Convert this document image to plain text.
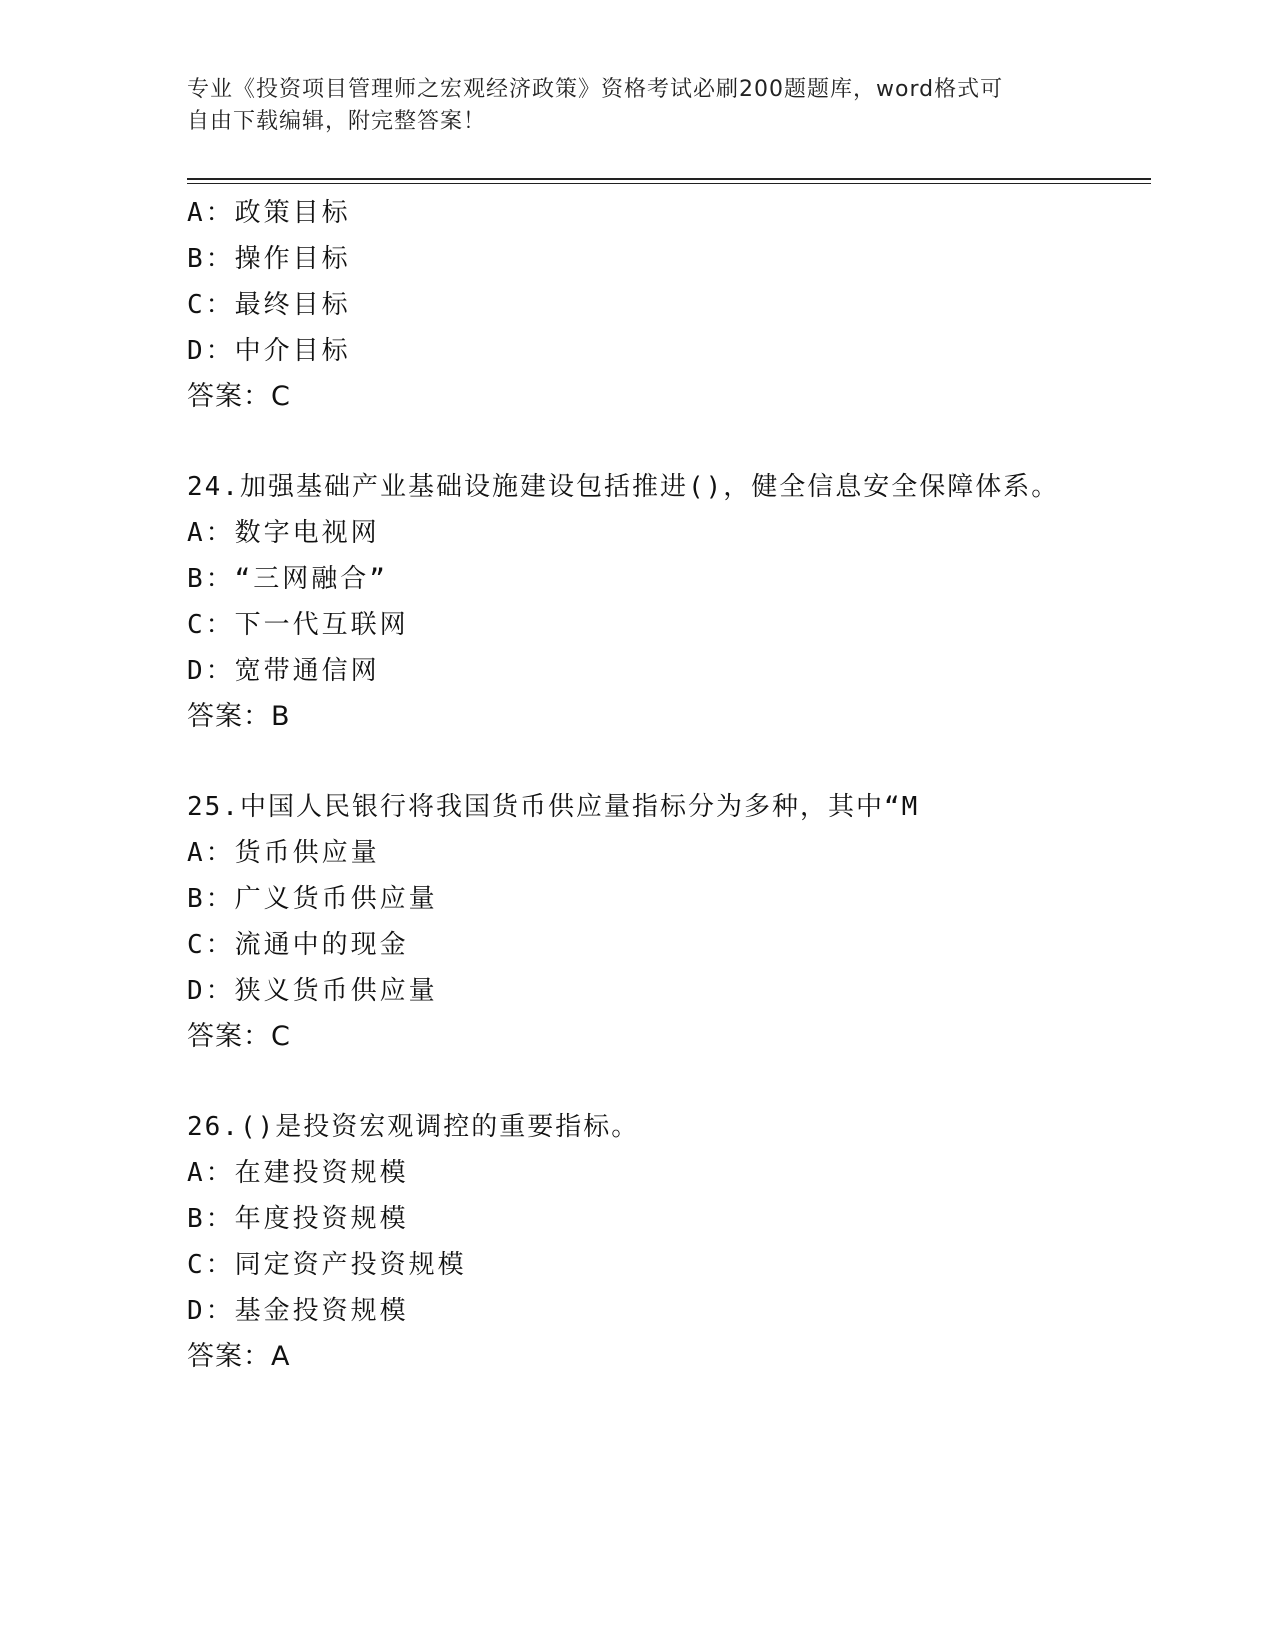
专业《投资项目管理师之宏观经济政策》资格考试必刷200题题库，word格式可
自由下载编辑，附完整答案！
A：政策目标
B：操作目标
C：最终目标
D：中介目标
答案：C
24.加强基础产业基础设施建设包括推进()，健全信息安全保障体系。
A：数字电视网
B：“三网融合”
C：下一代互联网
D：宽带通信网
答案：B
25.中国人民银行将我国货币供应量指标分为多种，其中“M
A：货币供应量
B：广义货币供应量
C：流通中的现金
D：狭义货币供应量
答案：C
26.()是投资宏观调控的重要指标。
A：在建投资规模
B：年度投资规模
C：同定资产投资规模
D：基金投资规模
答案：A
